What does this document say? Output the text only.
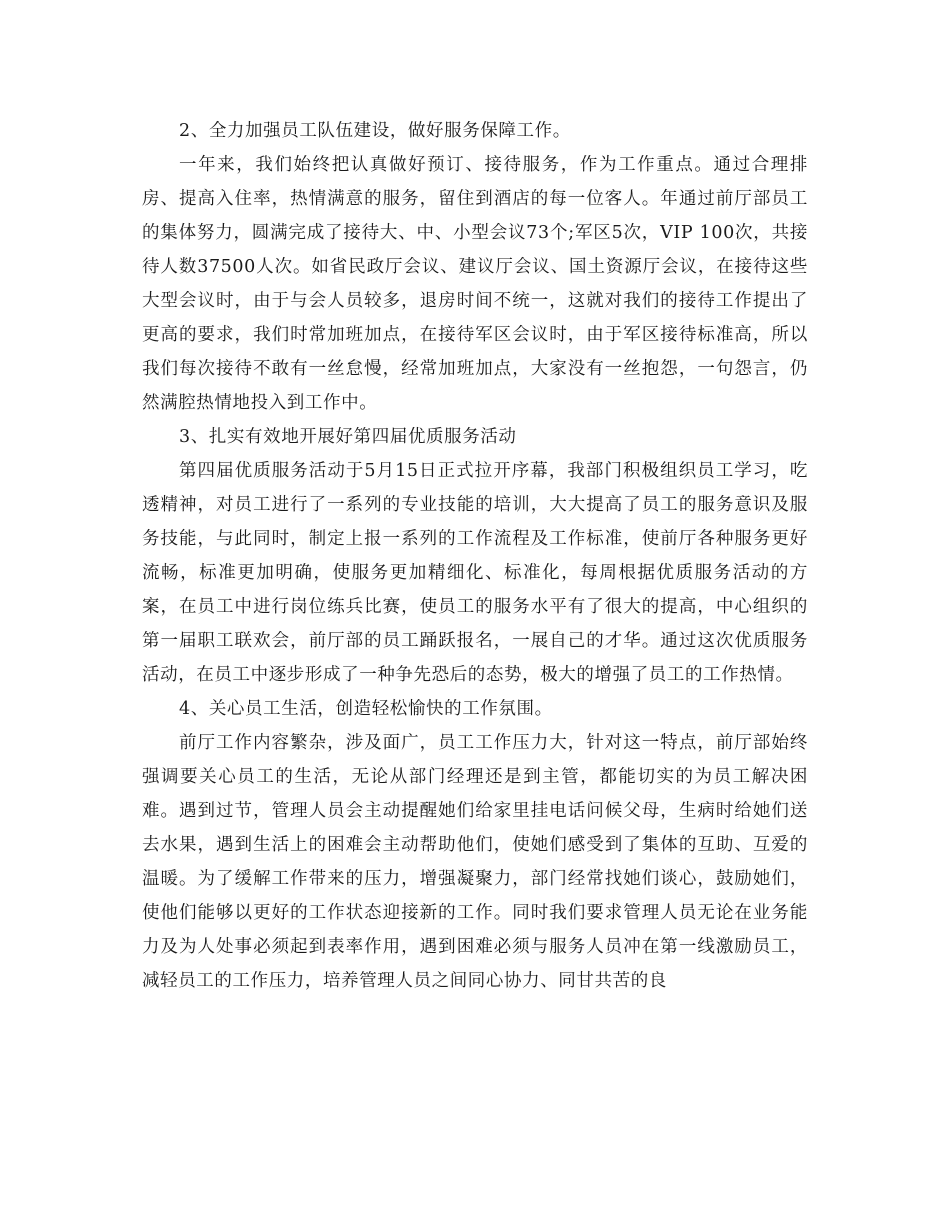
2、全力加强员工队伍建设，做好服务保障工作。

一年来，我们始终把认真做好预订、接待服务，作为工作重点。通过合理排房、提高入住率，热情满意的服务，留住到酒店的每一位客人。年通过前厅部员工的集体努力，圆满完成了接待大、中、小型会议73个;军区5次，VIP 100次，共接待人数37500人次。如省民政厅会议、建议厅会议、国土资源厅会议，在接待这些大型会议时，由于与会人员较多，退房时间不统一，这就对我们的接待工作提出了更高的要求，我们时常加班加点，在接待军区会议时，由于军区接待标准高，所以我们每次接待不敢有一丝怠慢，经常加班加点，大家没有一丝抱怨，一句怨言，仍然满腔热情地投入到工作中。

3、扎实有效地开展好第四届优质服务活动

第四届优质服务活动于5月15日正式拉开序幕，我部门积极组织员工学习，吃透精神，对员工进行了一系列的专业技能的培训，大大提高了员工的服务意识及服务技能，与此同时，制定上报一系列的工作流程及工作标准，使前厅各种服务更好流畅，标准更加明确，使服务更加精细化、标准化，每周根据优质服务活动的方案，在员工中进行岗位练兵比赛，使员工的服务水平有了很大的提高，中心组织的第一届职工联欢会，前厅部的员工踊跃报名，一展自己的才华。通过这次优质服务活动，在员工中逐步形成了一种争先恐后的态势，极大的增强了员工的工作热情。

4、关心员工生活，创造轻松愉快的工作氛围。

前厅工作内容繁杂，涉及面广，员工工作压力大，针对这一特点，前厅部始终强调要关心员工的生活，无论从部门经理还是到主管，都能切实的为员工解决困难。遇到过节，管理人员会主动提醒她们给家里挂电话问候父母，生病时给她们送去水果，遇到生活上的困难会主动帮助他们，使她们感受到了集体的互助、互爱的温暖。为了缓解工作带来的压力，增强凝聚力，部门经常找她们谈心，鼓励她们，使他们能够以更好的工作状态迎接新的工作。同时我们要求管理人员无论在业务能力及为人处事必须起到表率作用，遇到困难必须与服务人员冲在第一线激励员工，减轻员工的工作压力，培养管理人员之间同心协力、同甘共苦的良
